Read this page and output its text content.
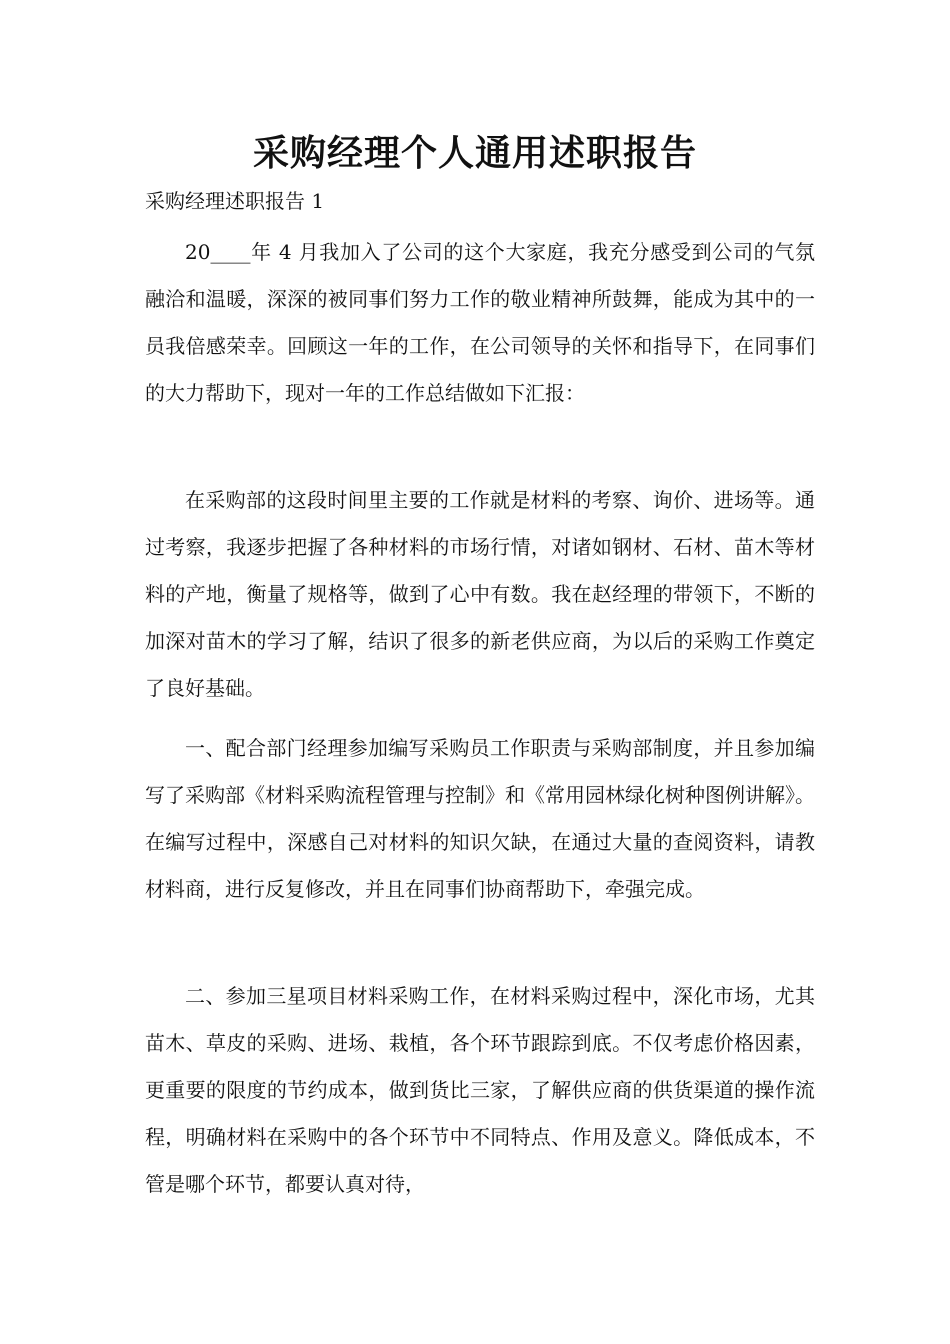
采购经理个人通用述职报告

采购经理述职报告 1

20____年 4 月我加入了公司的这个大家庭，我充分感受到公司的气氛融洽和温暖，深深的被同事们努力工作的敬业精神所鼓舞，能成为其中的一员我倍感荣幸。回顾这一年的工作，在公司领导的关怀和指导下，在同事们的大力帮助下，现对一年的工作总结做如下汇报：

在采购部的这段时间里主要的工作就是材料的考察、询价、进场等。通过考察，我逐步把握了各种材料的市场行情，对诸如钢材、石材、苗木等材料的产地，衡量了规格等，做到了心中有数。我在赵经理的带领下，不断的加深对苗木的学习了解，结识了很多的新老供应商，为以后的采购工作奠定了良好基础。

一、配合部门经理参加编写采购员工作职责与采购部制度，并且参加编写了采购部《材料采购流程管理与控制》和《常用园林绿化树种图例讲解》。在编写过程中，深感自己对材料的知识欠缺，在通过大量的查阅资料，请教材料商，进行反复修改，并且在同事们协商帮助下，牵强完成。

二、参加三星项目材料采购工作，在材料采购过程中，深化市场，尤其苗木、草皮的采购、进场、栽植，各个环节跟踪到底。不仅考虑价格因素，更重要的限度的节约成本，做到货比三家，了解供应商的供货渠道的操作流程，明确材料在采购中的各个环节中不同特点、作用及意义。降低成本，不管是哪个环节，都要认真对待，
